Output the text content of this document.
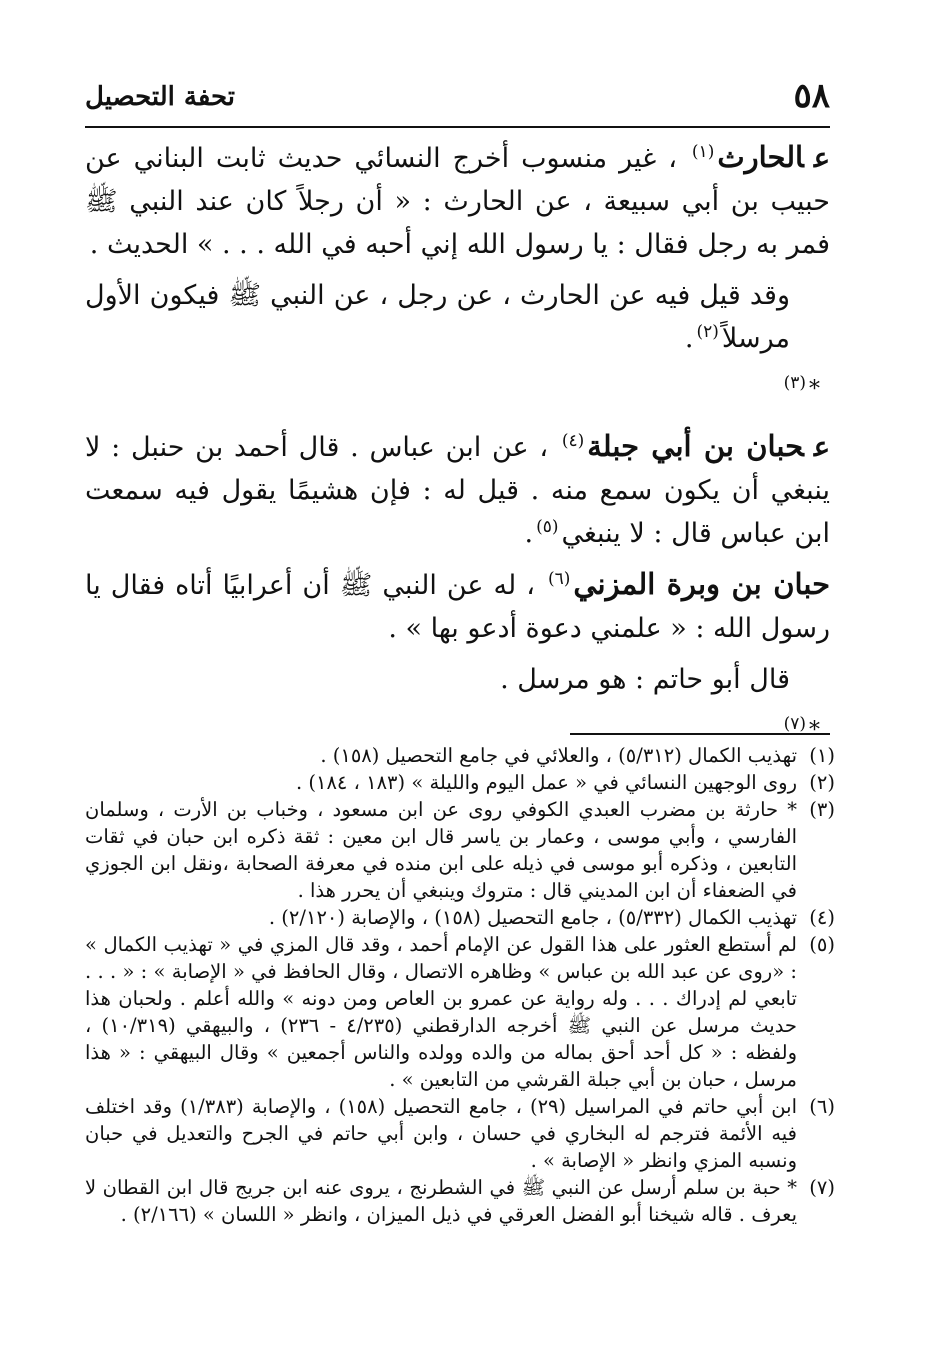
٥٨
تحفة التحصيل

عالحارث$^{(١)}$ ، غير منسوب أخرج النسائي حديث ثابت البناني عن حبيب بن أبي سبيعة ، عن الحارث : « أن رجلاً كان عند النبي ﷺ فمر به رجل فقال : يا رسول الله إني أحبه في الله . . . » الحديث .

وقد قيل فيه عن الحارث ، عن رجل ، عن النبي ﷺ فيكون الأول مرسلاً$^{(٢)}$.

*$^{(٣)}$

عحبان بن أبي جبلة$^{(٤)}$ ، عن ابن عباس . قال أحمد بن حنبل : لا ينبغي أن يكون سمع منه . قيل له : فإن هشيمًا يقول فيه سمعت ابن عباس قال : لا ينبغي$^{(٥)}$.

حبان بن وبرة المزني$^{(٦)}$ ، له عن النبي ﷺ أن أعرابيًا أتاه فقال يا رسول الله : « علمني دعوة أدعو بها » .

قال أبو حاتم : هو مرسل .

*$^{(٧)}$

(١)
تهذيب الكمال (٥/٣١٢) ، والعلائي في جامع التحصيل (١٥٨) .
(٢)
روى الوجهين النسائي في « عمل اليوم والليلة » (١٨٣ ، ١٨٤) .
(٣)
* حارثة بن مضرب العبدي الكوفي روى عن ابن مسعود ، وخباب بن الأرت ، وسلمان الفارسي ، وأبي موسى ، وعمار بن ياسر قال ابن معين : ثقة ذكره ابن حبان في ثقات التابعين ، وذكره أبو موسى في ذيله على ابن منده في معرفة الصحابة ،ونقل ابن الجوزي في الضعفاء أن ابن المديني قال : متروك وينبغي أن يحرر هذا .
(٤)
تهذيب الكمال (٥/٣٣٢) ، جامع التحصيل (١٥٨) ، والإصابة (٢/١٢٠) .
(٥)
لم أستطع العثور على هذا القول عن الإمام أحمد ، وقد قال المزي في « تهذيب الكمال » : «روى عن عبد الله بن عباس » وظاهره الاتصال ، وقال الحافظ في « الإصابة » : « . . . تابعي لم إدراك . . . وله رواية عن عمرو بن العاص ومن دونه » والله أعلم . ولحبان هذا حديث مرسل عن النبي ﷺ أخرجه الدارقطني (٤/٢٣٥ - ٢٣٦) ، والبيهقي (١٠/٣١٩) ، ولفظه : « كل أحد أحق بماله من والده وولده والناس أجمعين » وقال البيهقي : « هذا مرسل ، حبان بن أبي جبلة القرشي من التابعين » .
(٦)
ابن أبي حاتم في المراسيل (٢٩) ، جامع التحصيل (١٥٨) ، والإصابة (١/٣٨٣) وقد اختلف فيه الأئمة فترجم له البخاري في حسان ، وابن أبي حاتم في الجرح والتعديل في حبان ونسبه المزي وانظر « الإصابة » .
(٧)
* حبة بن سلم أرسل عن النبي ﷺ في الشطرنج ، يروى عنه ابن جريج قال ابن القطان لا يعرف . قاله شيخنا أبو الفضل العرقي في ذيل الميزان ، وانظر « اللسان » (٢/١٦٦) .
